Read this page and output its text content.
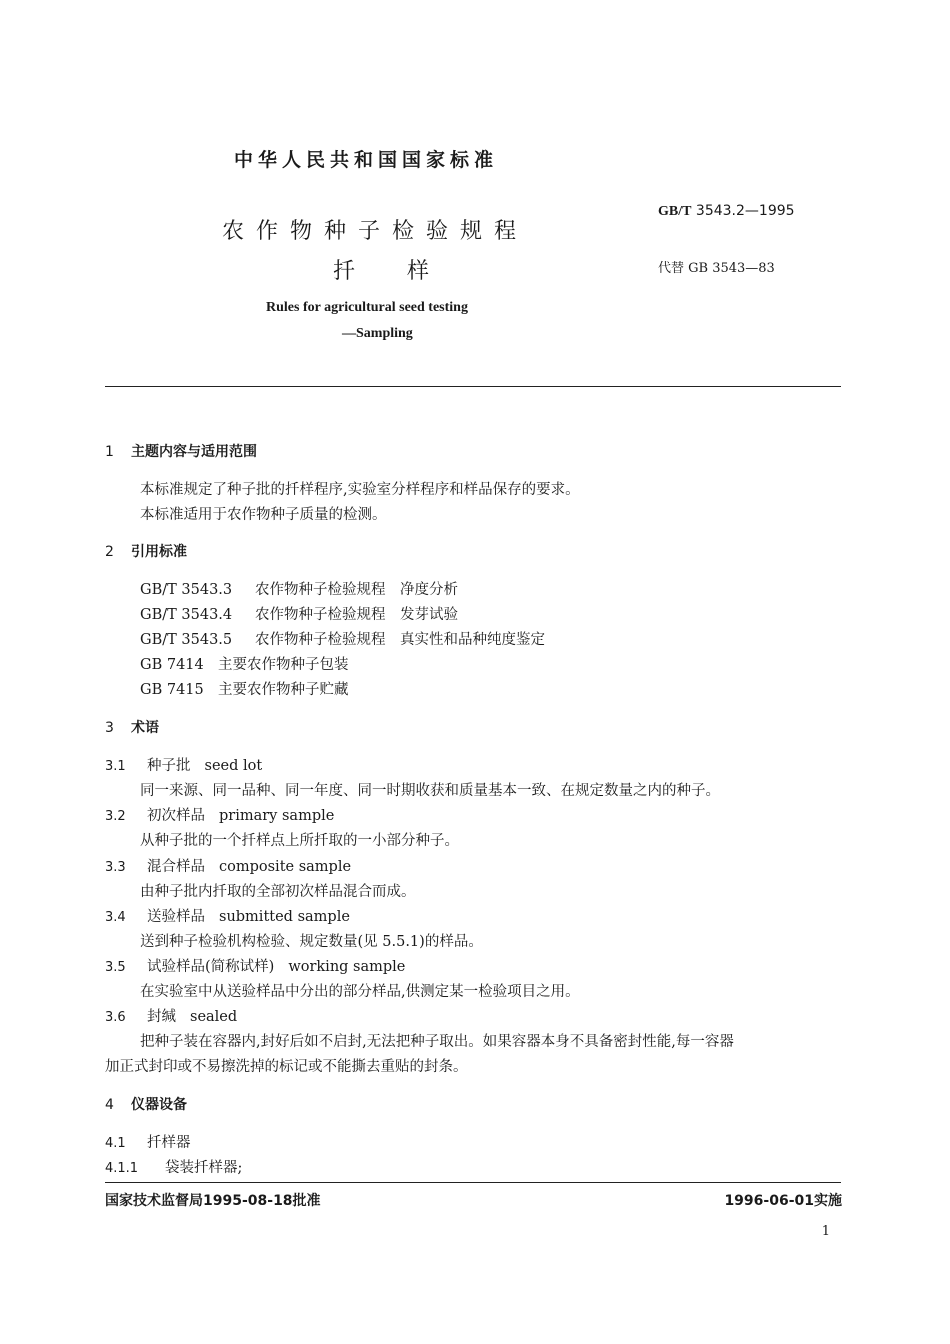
中华人民共和国国家标准
农作物种子检验规程
扦 样
GB/T 3543.2—1995
代替 GB 3543—83
Rules for agricultural seed testing
—Sampling
1 主题内容与适用范围
本标准规定了种子批的扦样程序,实验室分样程序和样品保存的要求。
本标准适用于农作物种子质量的检测。
2 引用标准
GB/T 3543.3 农作物种子检验规程　净度分析
GB/T 3543.4 农作物种子检验规程　发芽试验
GB/T 3543.5 农作物种子检验规程　真实性和品种纯度鉴定
GB 7414 主要农作物种子包装
GB 7415 主要农作物种子贮藏
3 术语
3.1 种子批 seed lot
同一来源、同一品种、同一年度、同一时期收获和质量基本一致、在规定数量之内的种子。
3.2 初次样品 primary sample
从种子批的一个扦样点上所扦取的一小部分种子。
3.3 混合样品 composite sample
由种子批内扦取的全部初次样品混合而成。
3.4 送验样品 submitted sample
送到种子检验机构检验、规定数量(见 5.5.1)的样品。
3.5 试验样品(简称试样) working sample
在实验室中从送验样品中分出的部分样品,供测定某一检验项目之用。
3.6 封缄 sealed
把种子装在容器内,封好后如不启封,无法把种子取出。如果容器本身不具备密封性能,每一容器
加正式封印或不易擦洗掉的标记或不能撕去重贴的封条。
4 仪器设备
4.1 扦样器
4.1.1 袋装扦样器;
国家技术监督局1995-08-18批准	1996-06-01实施
1
